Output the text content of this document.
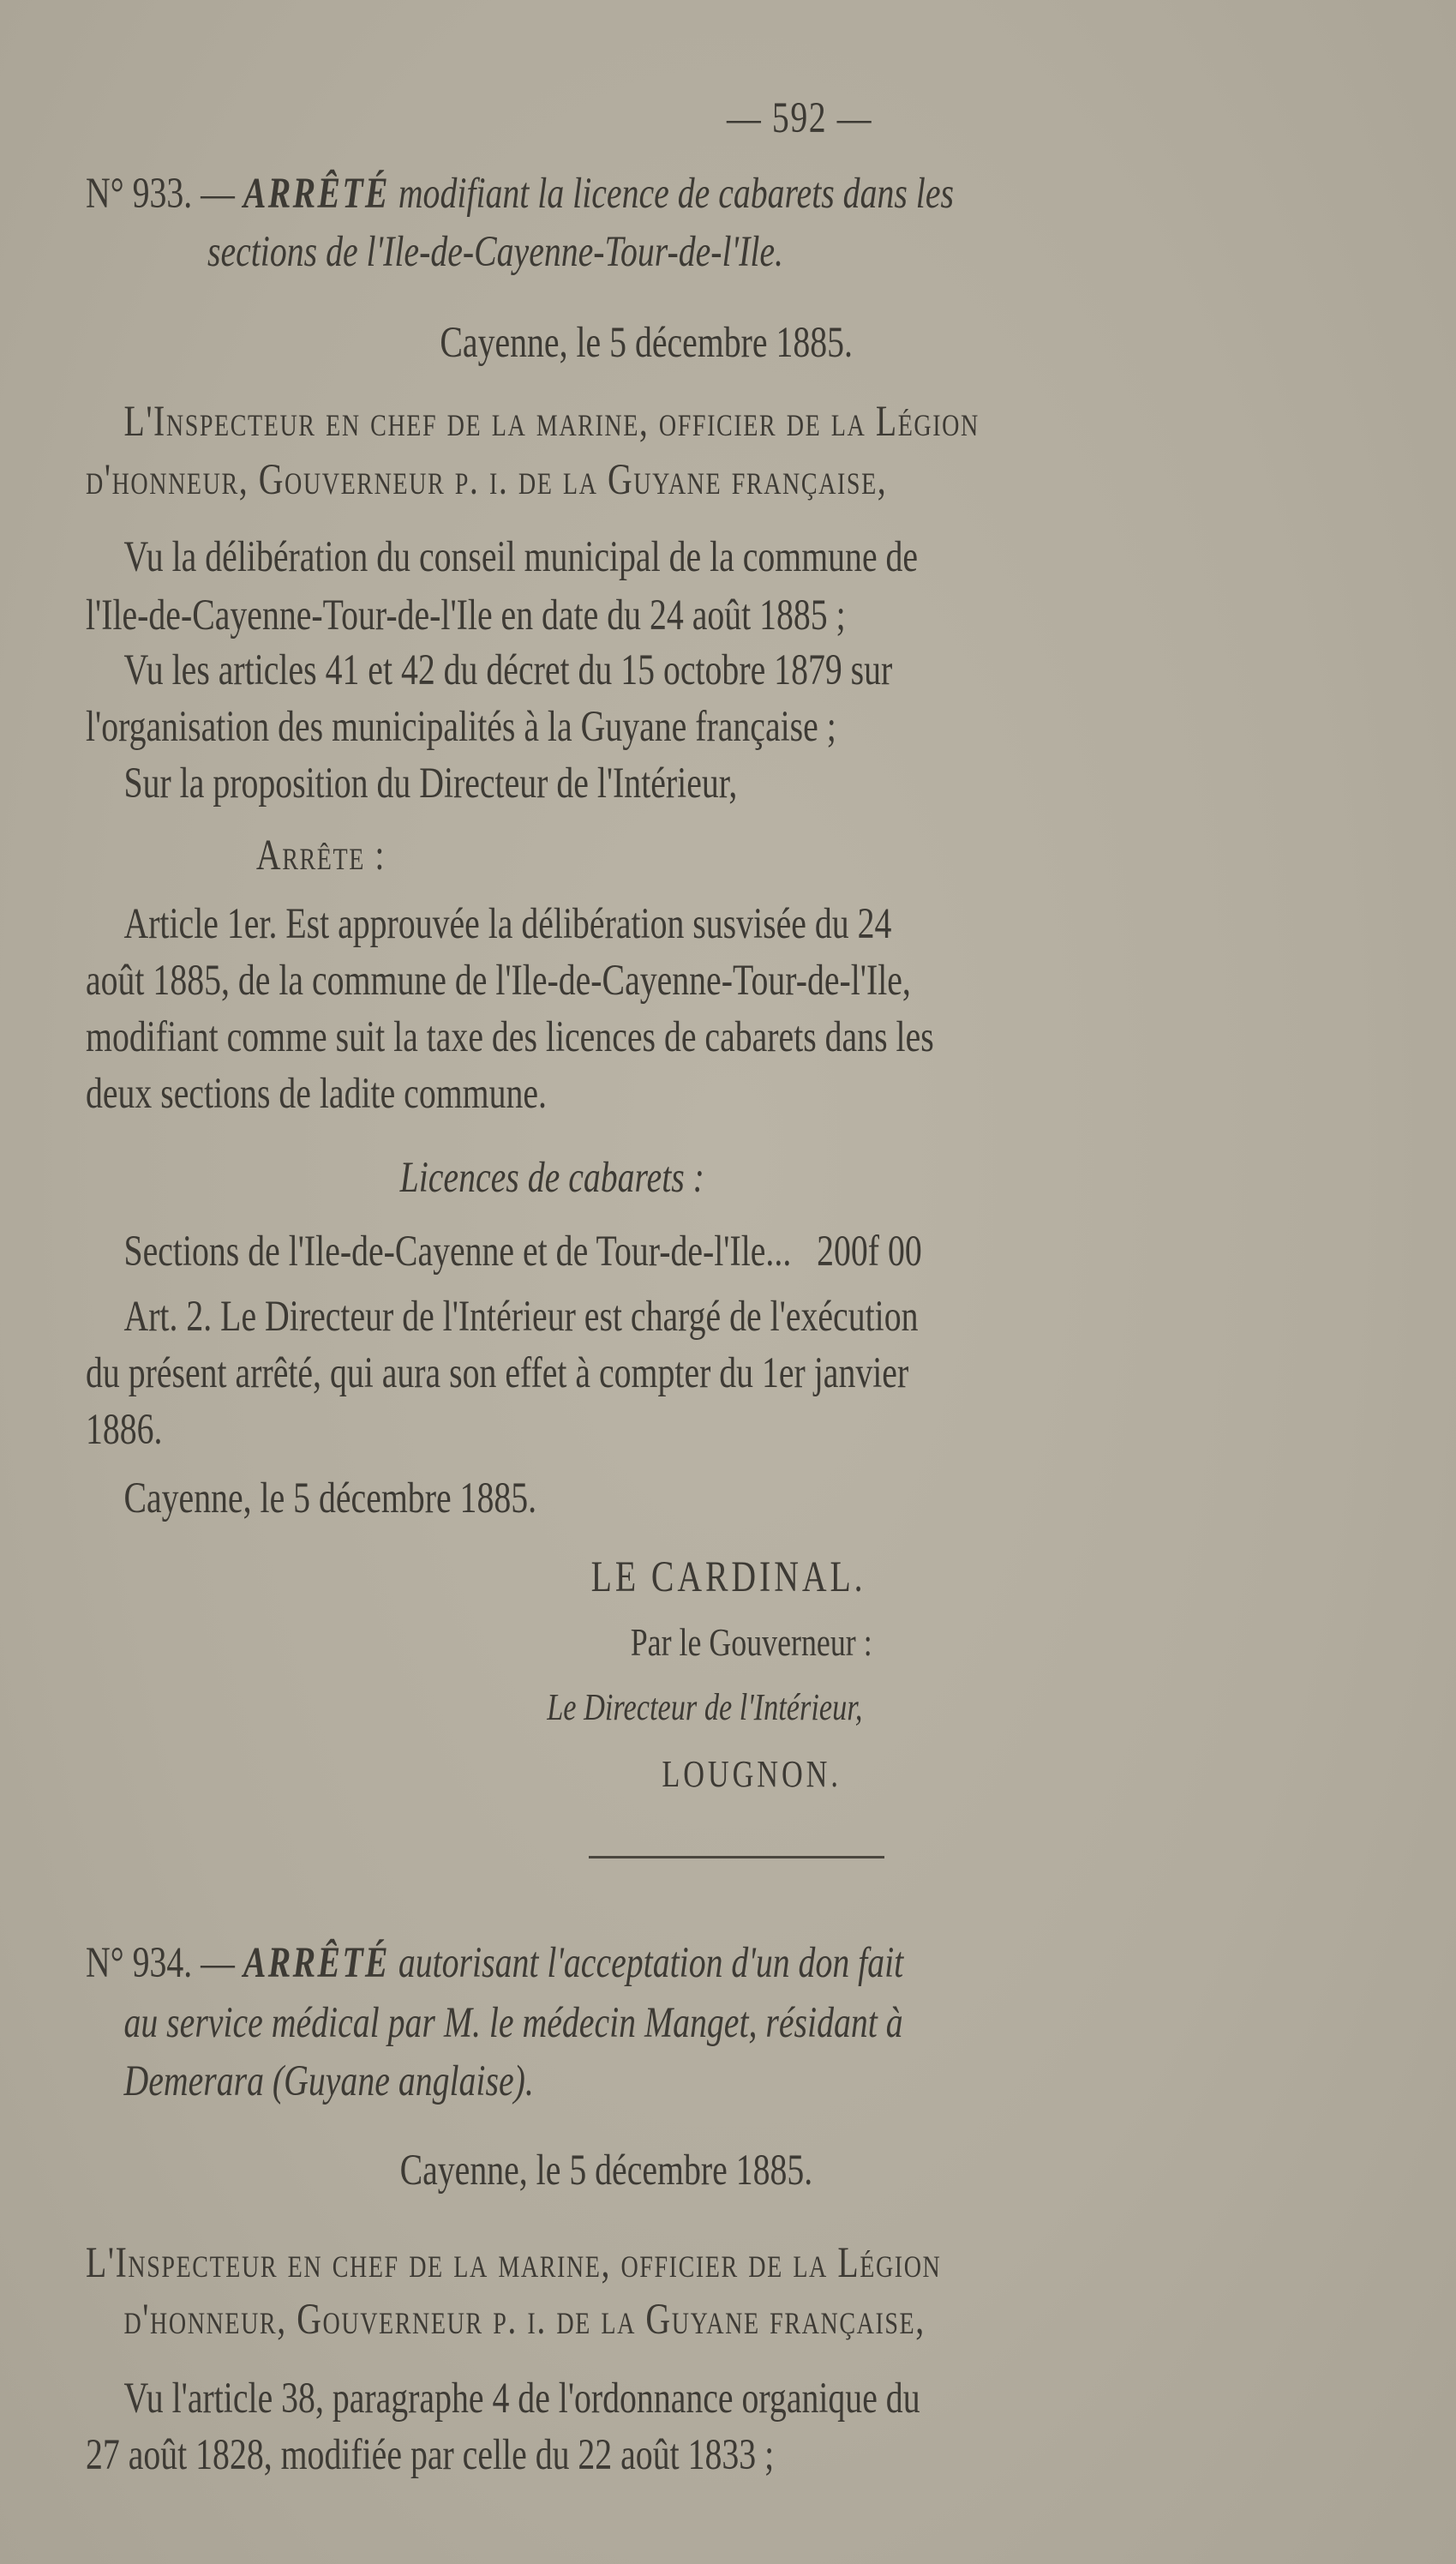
— 592 —
N° 933. — ARRÊTÉ modifiant la licence de cabarets dans les
sections de l'Ile-de-Cayenne-Tour-de-l'Ile.
Cayenne, le 5 décembre 1885.
L'Inspecteur en chef de la marine, officier de la Légion
d'honneur, Gouverneur p. i. de la Guyane française,
Vu la délibération du conseil municipal de la commune de
l'Ile-de-Cayenne-Tour-de-l'Ile en date du 24 août 1885 ;
Vu les articles 41 et 42 du décret du 15 octobre 1879 sur
l'organisation des municipalités à la Guyane française ;
Sur la proposition du Directeur de l'Intérieur,
Arrête :
Article 1er. Est approuvée la délibération susvisée du 24
août 1885, de la commune de l'Ile-de-Cayenne-Tour-de-l'Ile,
modifiant comme suit la taxe des licences de cabarets dans les
deux sections de ladite commune.
Licences de cabarets :
Sections de l'Ile-de-Cayenne et de Tour-de-l'Ile...   200f 00
Art. 2. Le Directeur de l'Intérieur est chargé de l'exécution
du présent arrêté, qui aura son effet à compter du 1er janvier
1886.
Cayenne, le 5 décembre 1885.
LE CARDINAL.
Par le Gouverneur :
Le Directeur de l'Intérieur,
LOUGNON.
N° 934. — ARRÊTÉ autorisant l'acceptation d'un don fait
au service médical par M. le médecin Manget, résidant à
Demerara (Guyane anglaise).
Cayenne, le 5 décembre 1885.
L'Inspecteur en chef de la marine, officier de la Légion
d'honneur, Gouverneur p. i. de la Guyane française,
Vu l'article 38, paragraphe 4 de l'ordonnance organique du
27 août 1828, modifiée par celle du 22 août 1833 ;
